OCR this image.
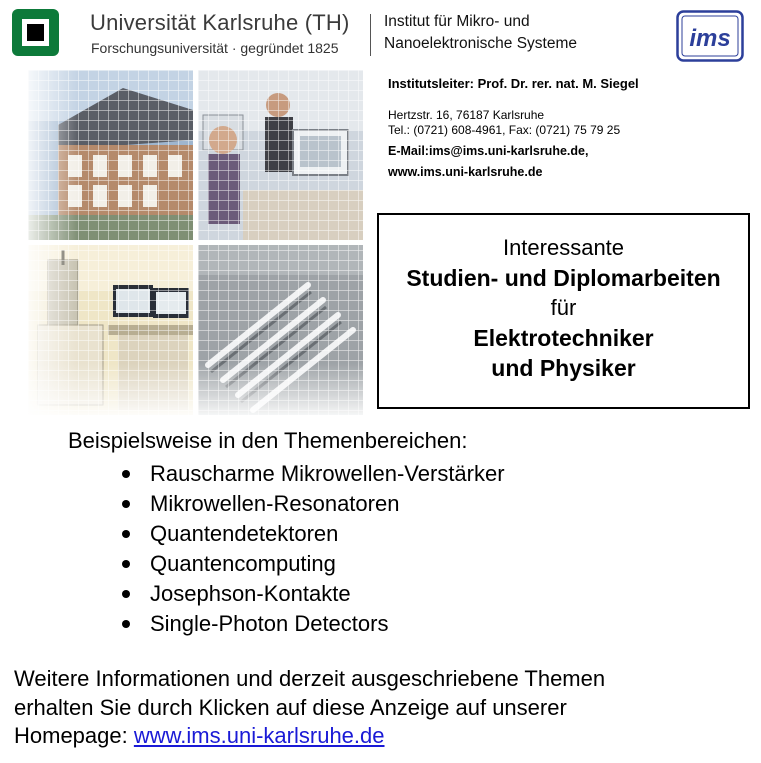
Universität Karlsruhe (TH)
Forschungsuniversität · gegründet 1825
Institut für Mikro- und
Nanoelektronische Systeme	ims
Institutsleiter: Prof. Dr. rer. nat. M. Siegel
Hertzstr. 16, 76187 Karlsruhe
Tel.: (0721) 608-4961, Fax: (0721) 75 79 25
E-Mail:ims@ims.uni-karlsruhe.de,
www.ims.uni-karlsruhe.de
Interessante
Studien- und Diplomarbeiten
für
Elektrotechniker
und Physiker
Beispielsweise in den Themenbereichen:
Rauscharme Mikrowellen-Verstärker
Mikrowellen-Resonatoren
Quantendetektoren
Quantencomputing
Josephson-Kontakte
Single-Photon Detectors
Weitere Informationen und derzeit ausgeschriebene Themen
erhalten Sie durch Klicken auf diese Anzeige auf unserer
Homepage: www.ims.uni-karlsruhe.de
